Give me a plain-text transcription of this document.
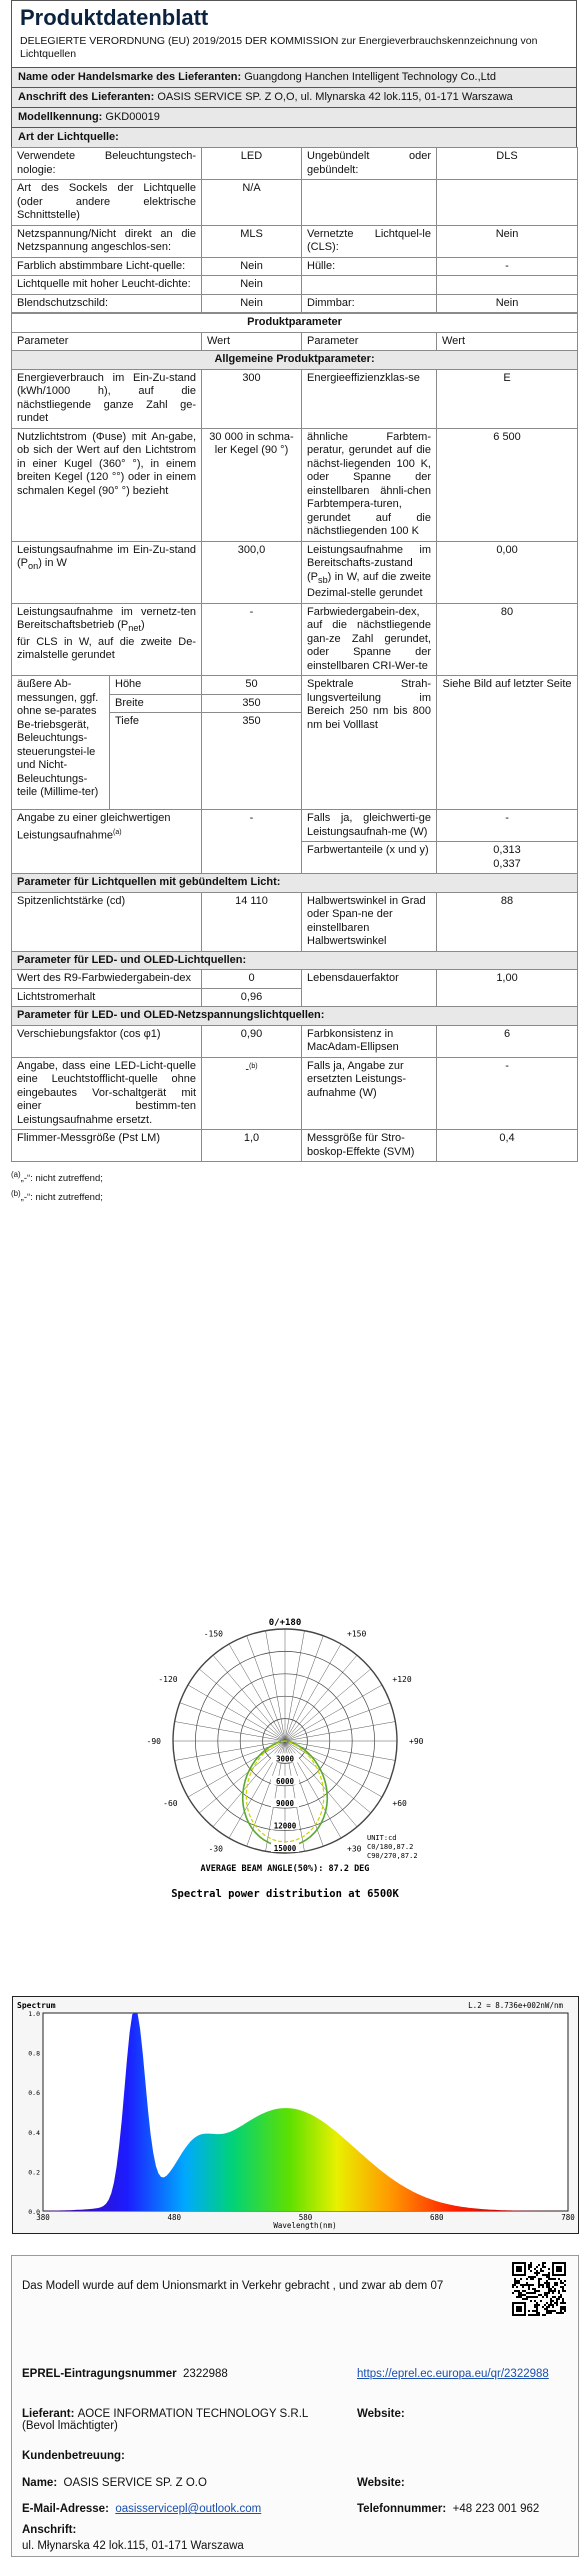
Produktdatenblatt
DELEGIERTE VERORDNUNG (EU) 2019/2015 DER KOMMISSION zur Energieverbrauchskennzeichnung von Lichtquellen
Name oder Handelsmarke des Lieferanten: Guangdong Hanchen Intelligent Technology Co.,Ltd
Anschrift des Lieferanten: OASIS SERVICE SP. Z O,O, ul. Mlynarska 42 lok.115, 01-171 Warszawa
Modellkennung: GKD00019
Art der Lichtquelle:
Verwendete Beleuchtungstech-nologie:	LED	Ungebündelt oder gebündelt:	DLS
Art des Sockels der Lichtquelle (oder andere elektrische Schnittstelle)	N/A		
Netzspannung/Nicht direkt an die Netzspannung angeschlos-sen:	MLS	Vernetzte Lichtquel-le (CLS):	Nein
Farblich abstimmbare Licht-quelle:	Nein	Hülle:	-
Lichtquelle mit hoher Leucht-dichte:	Nein		
Blendschutzschild:	Nein	Dimmbar:	Nein
Produktparameter				
Parameter		Wert	Parameter	Wert
Allgemeine Produktparameter:				
Energieverbrauch im Ein-Zu-stand (kWh/1000 h), auf die nächstliegende ganze Zahl ge-rundet		300	Energieeffizienzklas-se	E
Nutzlichtstrom (Φuse) mit An-gabe, ob sich der Wert auf den Lichtstrom in einer Kugel (360° °), in einem breiten Kegel (120 °°) oder in einem schmalen Kegel (90° °) bezieht		30 000 in schma-ler Kegel (90 °)	ähnliche Farbtem-peratur, gerundet auf die nächst-liegenden 100 K, oder Spanne der einstellbaren ähnli-chen Farbtempera-turen, gerundet auf die nächstliegenden 100 K	6 500
Leistungsaufnahme im Ein-Zu-stand $(P_{on})$ in W		300,0	Leistungsaufnahme im Bereitschafts-zustand $(P_{sb})$ in W, auf die zweite Dezimal-stelle gerundet	0,00
Leistungsaufnahme im vernetz-ten Bereitschaftsbetrieb $(P_{net})$
für CLS in W, auf die zweite De-zimalstelle gerundet		-	Farbwiedergabein-dex, auf die nächstliegende gan-ze Zahl gerundet, oder Spanne der einstellbaren CRI-Wer-te	80
äußere Ab-messungen, ggf. ohne se-parates Be-triebsgerät, Beleuchtungs-steuerungstei-le und Nicht-Beleuchtungs-teile (Millime-ter)	Höhe	50	Spektrale Strah-lungsverteilung im Bereich 250 nm bis 800 nm bei Volllast	Siehe Bild auf letzter Seite
	Breite	350		
	Tiefe	350		
Angabe zu einer gleichwertigen Leistungsaufnahme$^{(a)}$		-	Falls ja, gleichwerti-ge Leistungsaufnah-me (W)	-
			Farbwertanteile (x und y)	0,313
0,337
Parameter für Lichtquellen mit gebündeltem Licht:				
Spitzenlichtstärke (cd)		14 110	Halbwertswinkel in Grad oder Span-ne der einstellbaren Halbwertswinkel	88
Parameter für LED- und OLED-Lichtquellen:				
Wert des R9-Farbwiedergabein-dex		0	Lebensdauerfaktor	1,00
Lichtstromerhalt		0,96		
Parameter für LED- und OLED-Netzspannungslichtquellen:				
Verschiebungsfaktor (cos φ1)		0,90	Farbkonsistenz in MacAdam-Ellipsen	6
Angabe, dass eine LED-Licht-quelle eine Leuchtstofflicht-quelle ohne eingebautes Vor-schaltgerät mit einer bestimm-ten Leistungsaufnahme ersetzt.		-$^{(b)}$	Falls ja, Angabe zur ersetzten Leistungs-aufnahme (W)	-
Flimmer-Messgröße (Pst LM)		1,0	Messgröße für Stro-boskop-Effekte (SVM)	0,4
$^{(a)}$„-“: nicht zutreffend;
$^{(b)}$„-“: nicht zutreffend;
0/+180
-150
-120
-90
-60
-30
+150
+120
+90
+60
+30
3000
6000
9000
12000
15000
UNIT:cd
C0/180,87.2
C90/270,87.2
AVERAGE BEAM ANGLE(50%): 87.2 DEG
Spectral power distribution at 6500K
Spectrum	L.2 = 8.736e+002nW/nm
Wavelength(nm)
380	480	580	680	780
1.0
0.8
0.6
0.4
0.2
0.0
Das Modell wurde auf dem Unionsmarkt in Verkehr gebracht , und zwar ab dem 07
EPREL-Eintragungsnummer 2322988	https://eprel.ec.europa.eu/qr/2322988
Lieferant: AOCE INFORMATION TECHNOLOGY S.R.L (Bevol lmächtigter)
Website:
Kundenbetreuung:
Name: OASIS SERVICE SP. Z O.O	Website:
E-Mail-Adresse: oasisservicepl@outlook.com	Telefonnummer: +48 223 001 962
Anschrift:
ul. Młynarska 42 lok.115, 01-171 Warszawa
